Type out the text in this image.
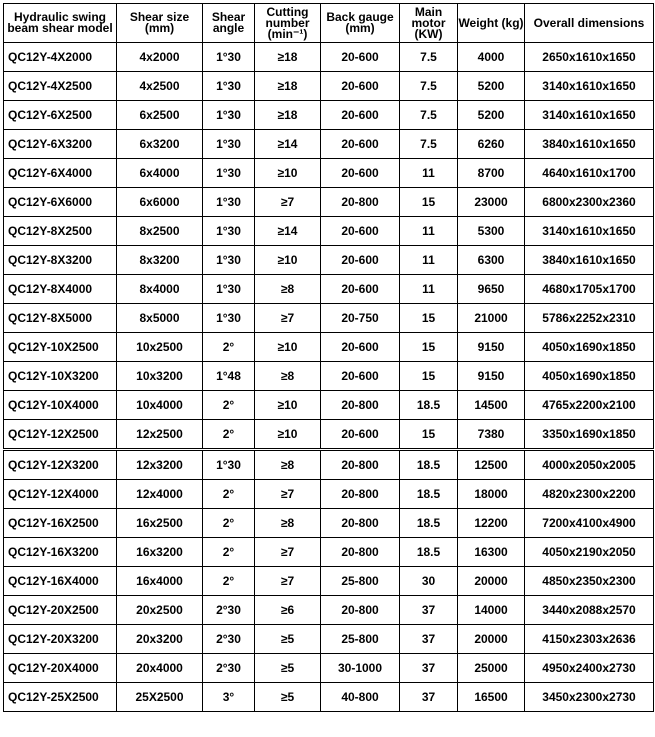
Hydraulic swing beam shear model	Shear size (mm)	Shear angle	Cutting number (min⁻¹)	Back gauge (mm)	Main motor (KW)	Weight (kg)	Overall dimensions
QC12Y-4X2000	4x2000	1°30	≥18	20-600	7.5	4000	2650x1610x1650
QC12Y-4X2500	4x2500	1°30	≥18	20-600	7.5	5200	3140x1610x1650
QC12Y-6X2500	6x2500	1°30	≥18	20-600	7.5	5200	3140x1610x1650
QC12Y-6X3200	6x3200	1°30	≥14	20-600	7.5	6260	3840x1610x1650
QC12Y-6X4000	6x4000	1°30	≥10	20-600	11	8700	4640x1610x1700
QC12Y-6X6000	6x6000	1°30	≥7	20-800	15	23000	6800x2300x2360
QC12Y-8X2500	8x2500	1°30	≥14	20-600	11	5300	3140x1610x1650
QC12Y-8X3200	8x3200	1°30	≥10	20-600	11	6300	3840x1610x1650
QC12Y-8X4000	8x4000	1°30	≥8	20-600	11	9650	4680x1705x1700
QC12Y-8X5000	8x5000	1°30	≥7	20-750	15	21000	5786x2252x2310
QC12Y-10X2500	10x2500	2°	≥10	20-600	15	9150	4050x1690x1850
QC12Y-10X3200	10x3200	1°48	≥8	20-600	15	9150	4050x1690x1850
QC12Y-10X4000	10x4000	2°	≥10	20-800	18.5	14500	4765x2200x2100
QC12Y-12X2500	12x2500	2°	≥10	20-600	15	7380	3350x1690x1850

QC12Y-12X3200	12x3200	1°30	≥8	20-800	18.5	12500	4000x2050x2005
QC12Y-12X4000	12x4000	2°	≥7	20-800	18.5	18000	4820x2300x2200
QC12Y-16X2500	16x2500	2°	≥8	20-800	18.5	12200	7200x4100x4900
QC12Y-16X3200	16x3200	2°	≥7	20-800	18.5	16300	4050x2190x2050
QC12Y-16X4000	16x4000	2°	≥7	25-800	30	20000	4850x2350x2300
QC12Y-20X2500	20x2500	2°30	≥6	20-800	37	14000	3440x2088x2570
QC12Y-20X3200	20x3200	2°30	≥5	25-800	37	20000	4150x2303x2636
QC12Y-20X4000	20x4000	2°30	≥5	30-1000	37	25000	4950x2400x2730
QC12Y-25X2500	25X2500	3°	≥5	40-800	37	16500	3450x2300x2730
